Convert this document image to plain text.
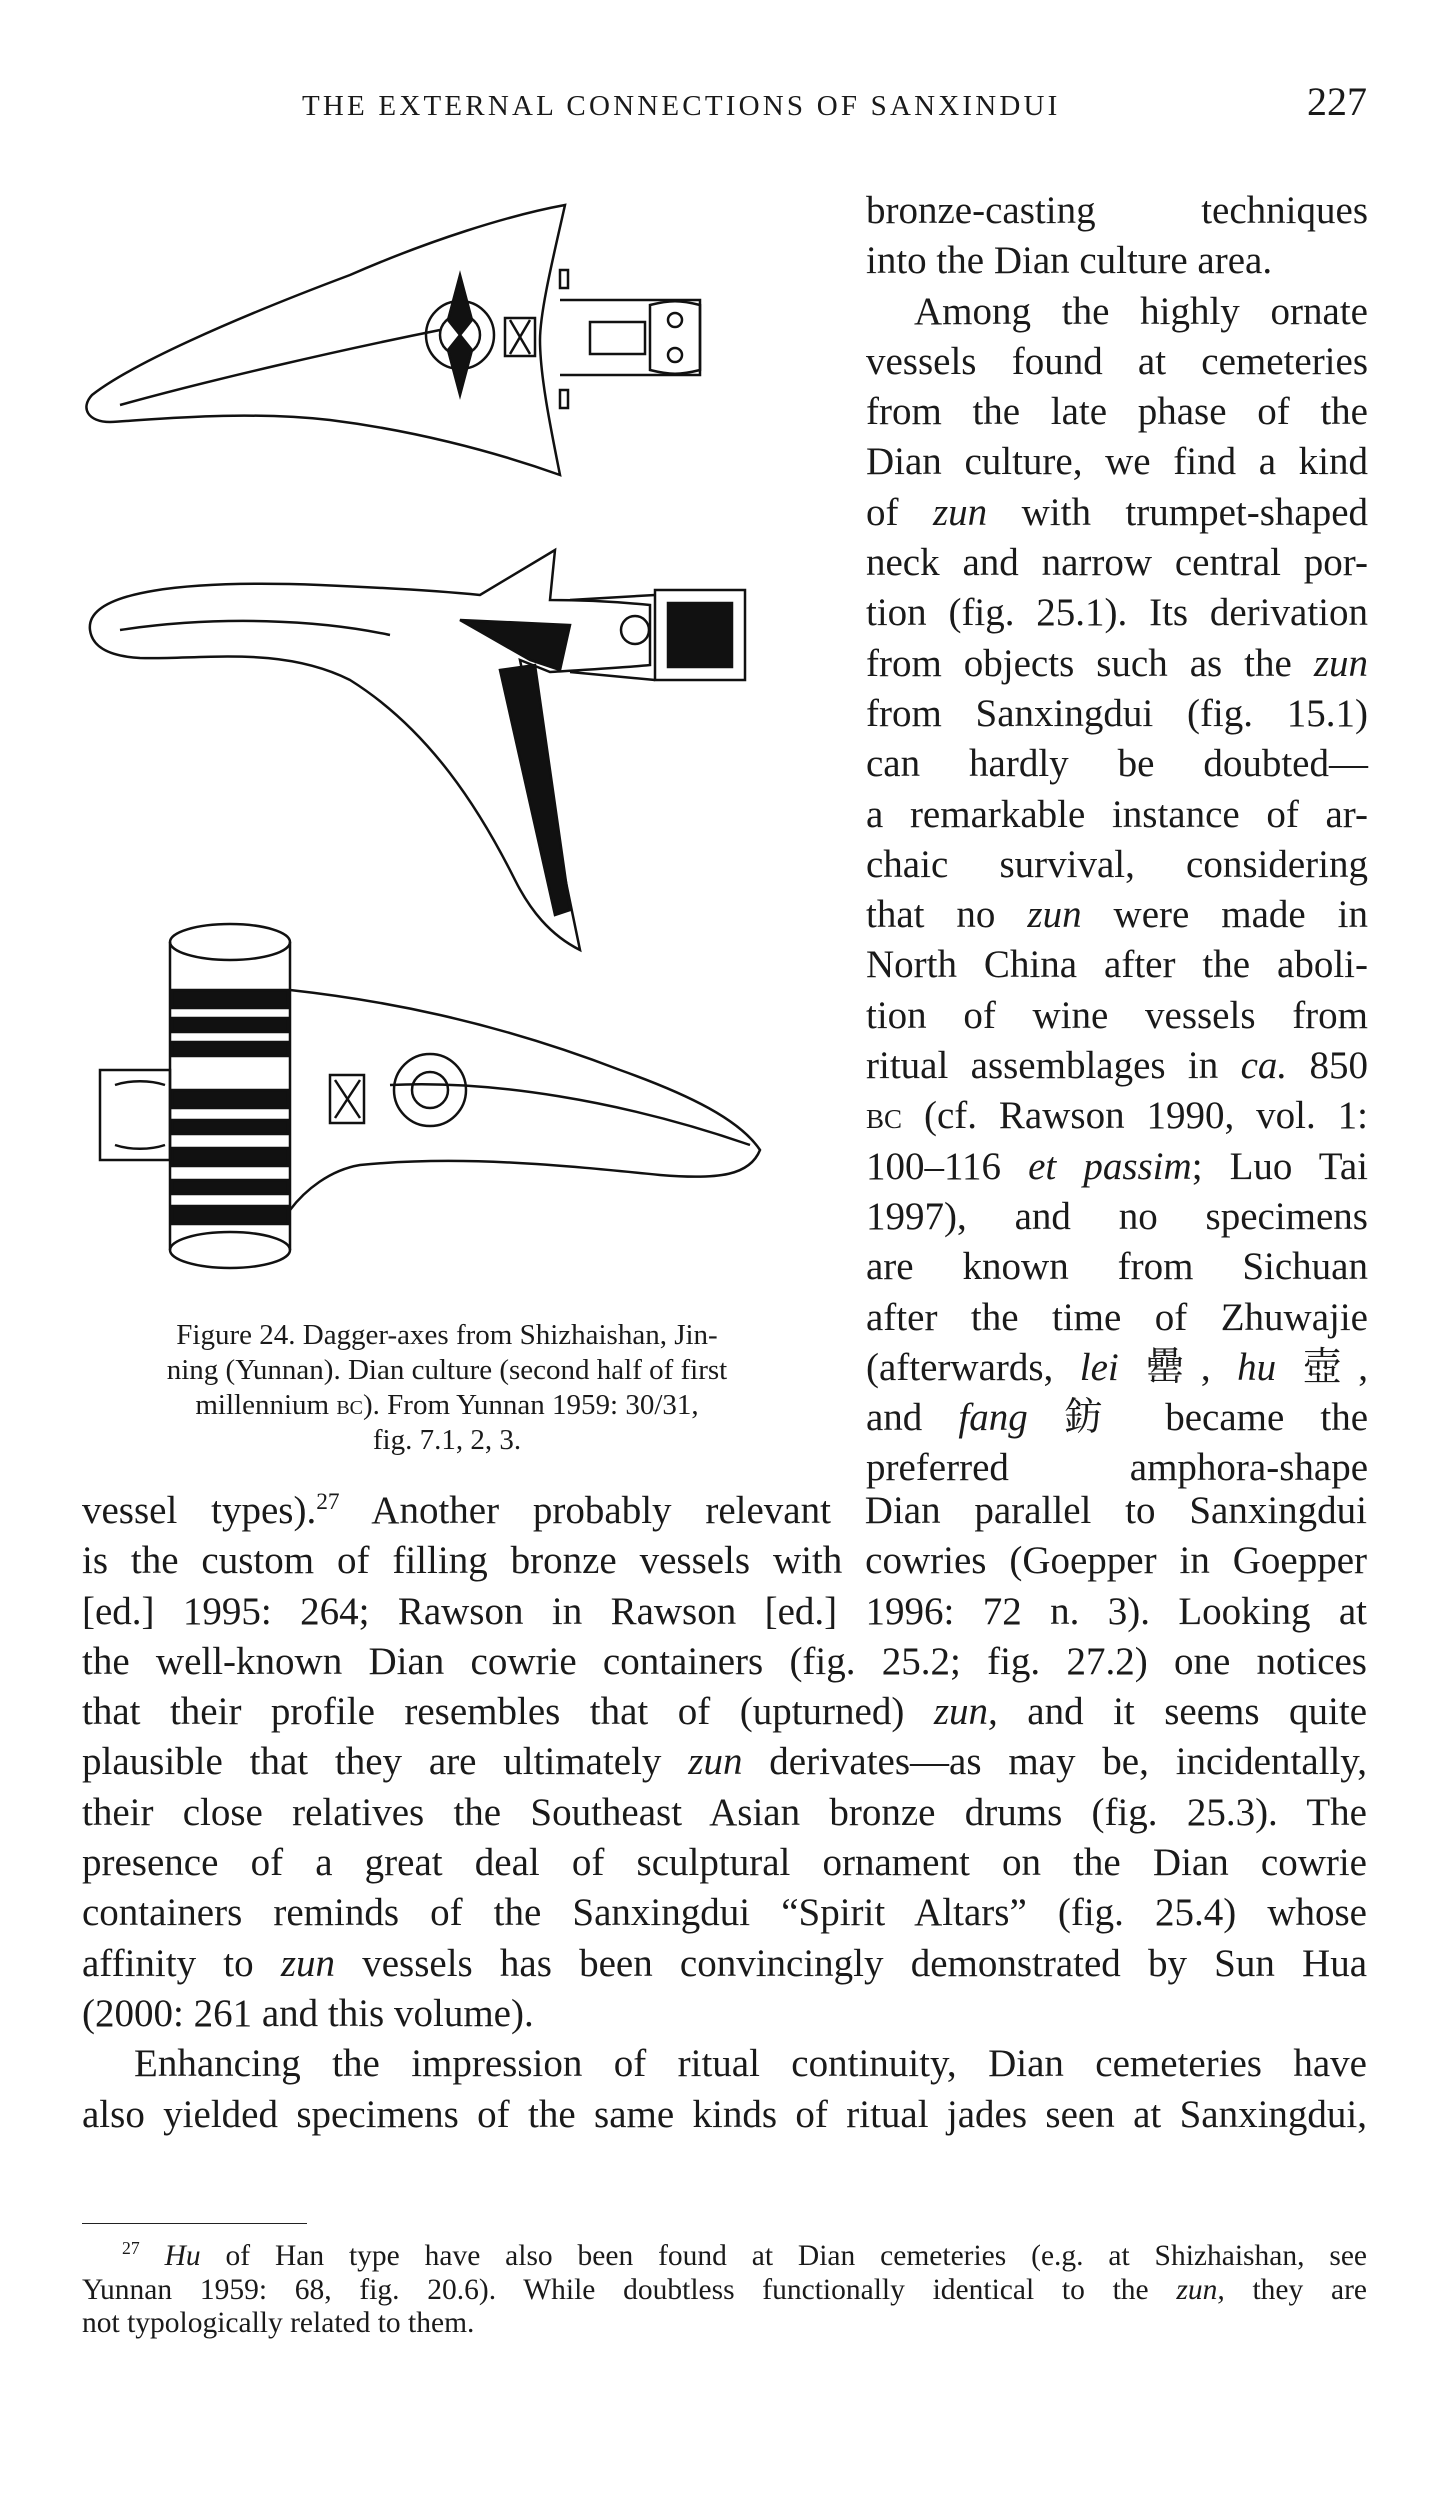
THE EXTERNAL CONNECTIONS OF SANXINDUI	227
Figure 24. Dagger-axes from Shizhaishan, Jin-
ning (Yunnan). Dian culture (second half of first
millennium bc). From Yunnan 1959: 30/31,
fig. 7.1, 2, 3.
bronze-casting techniques
into the Dian culture area.
Among the highly ornate
vessels found at cemeteries
from the late phase of the
Dian culture, we find a kind
of zun with trumpet-shaped
neck and narrow central por-
tion (fig. 25.1). Its derivation
from objects such as the zun
from Sanxingdui (fig. 15.1)
can hardly be doubted—
a remarkable instance of ar-
chaic survival, considering
that no zun were made in
North China after the aboli-
tion of wine vessels from
ritual assemblages in ca. 850
bc (cf. Rawson 1990, vol. 1:
100–116 et passim; Luo Tai
1997), and no specimens
are known from Sichuan
after the time of Zhuwajie
(afterwards, lei 罍, hu 壺,
and fang 鈁 became the
preferred amphora-shape
vessel types).$^{27}$ Another probably relevant Dian parallel to Sanxingdui
is the custom of filling bronze vessels with cowries (Goepper in Goepper
[ed.] 1995: 264; Rawson in Rawson [ed.] 1996: 72 n. 3). Looking at
the well-known Dian cowrie containers (fig. 25.2; fig. 27.2) one notices
that their profile resembles that of (upturned) zun, and it seems quite
plausible that they are ultimately zun derivates—as may be, incidentally,
their close relatives the Southeast Asian bronze drums (fig. 25.3). The
presence of a great deal of sculptural ornament on the Dian cowrie
containers reminds of the Sanxingdui “Spirit Altars” (fig. 25.4) whose
affinity to zun vessels has been convincingly demonstrated by Sun Hua
(2000: 261 and this volume).
Enhancing the impression of ritual continuity, Dian cemeteries have
also yielded specimens of the same kinds of ritual jades seen at Sanxingdui,
$^{27}$ Hu of Han type have also been found at Dian cemeteries (e.g. at Shizhaishan, see
Yunnan 1959: 68, fig. 20.6). While doubtless functionally identical to the zun, they are
not typologically related to them.
